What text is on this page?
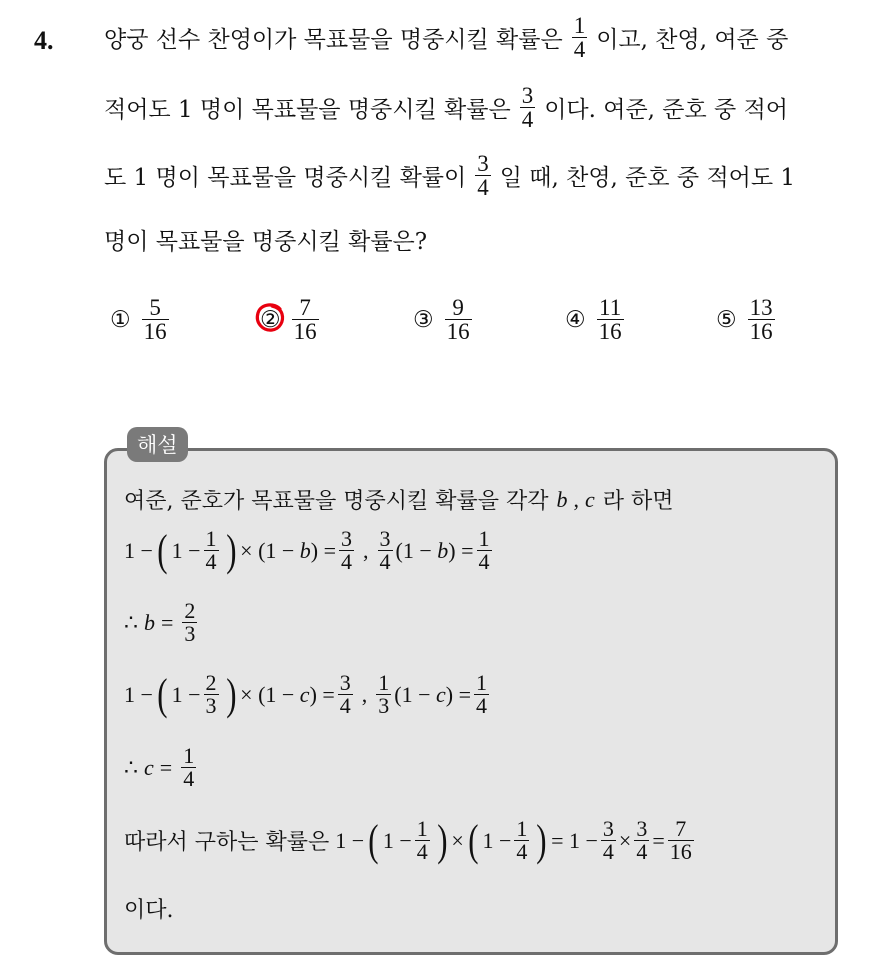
4. 양궁 선수 찬영이가 목표물을 명중시킬 확률은 $\frac{1}{4}$ 이고, 찬영, 여준 중
적어도 1 명이 목표물을 명중시킬 확률은 $\frac{3}{4}$ 이다. 여준, 준호 중 적어
도 1 명이 목표물을 명중시킬 확률이 $\frac{3}{4}$ 일 때, 찬영, 준호 중 적어도 1
명이 목표물을 명중시킬 확률은?
① $\frac{5}{16}$	② $\frac{7}{16}$	③ $\frac{9}{16}$	④ $\frac{11}{16}$	⑤ $\frac{13}{16}$
해설
여준, 준호가 목표물을 명중시킬 확률을 각각 b , c 라 하면
1 − ( $1 - \frac{1}{4}$ ) × $(1 - b) = \frac{3}{4}$ , $\frac{3}{4} (1 - b) = \frac{1}{4}$
∴ $b = \frac{2}{3}$
1 − ( $1 - \frac{2}{3}$ ) × $(1 - c) = \frac{3}{4}$ , $\frac{1}{3} (1 - c) = \frac{1}{4}$
∴ $c = \frac{1}{4}$
따라서 구하는 확률은 1 − ( $1 - \frac{1}{4}$ ) × ( $1 - \frac{1}{4}$ ) = $1 - \frac{3}{4} \times \frac{3}{4} = \frac{7}{16}$
이다.
